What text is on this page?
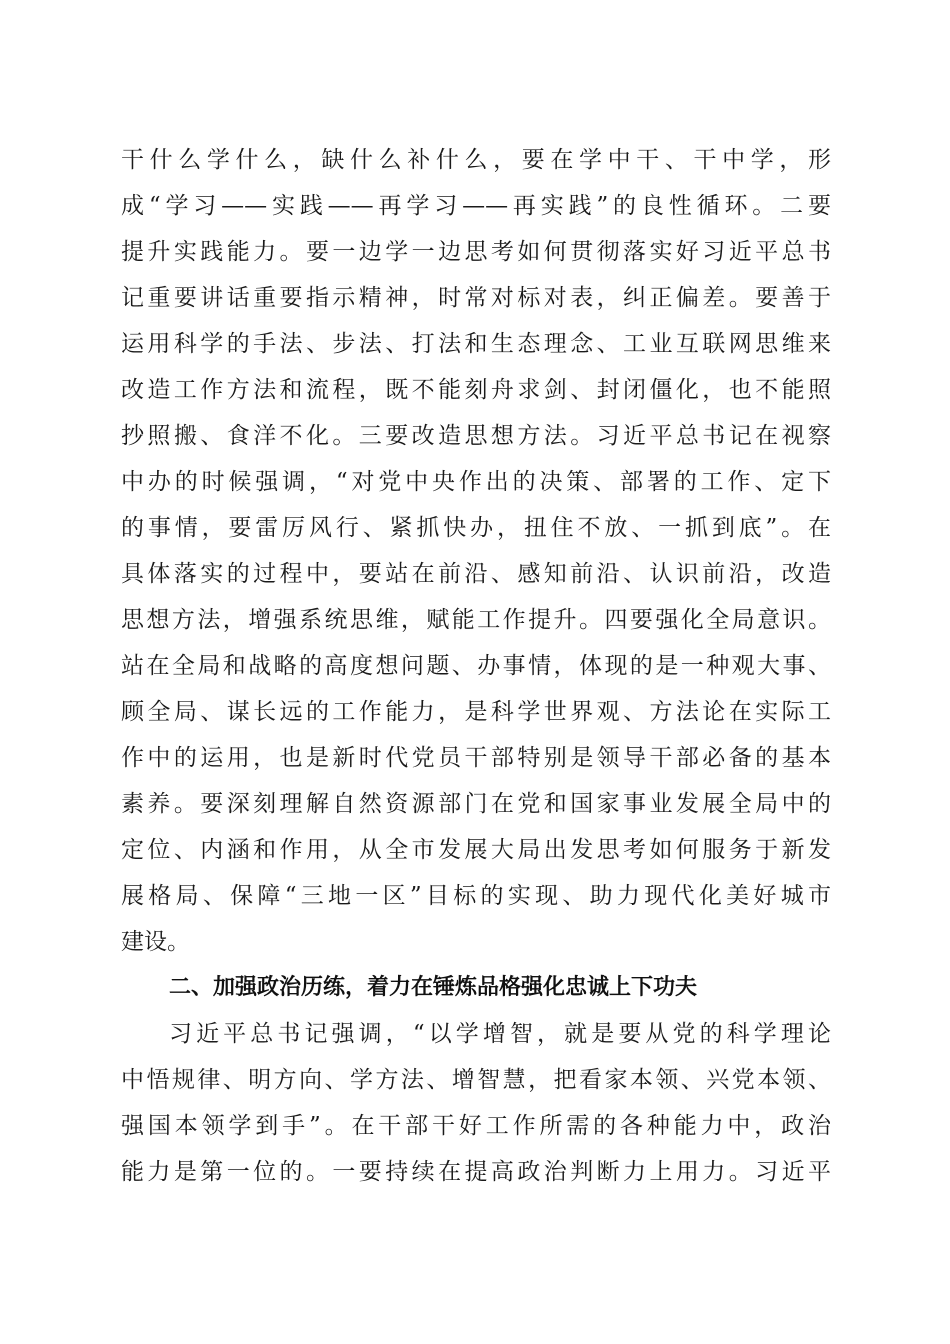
干什么学什么，缺什么补什么，要在学中干、干中学，形
成“学习——实践——再学习——再实践”的良性循环。二要
提升实践能力。要一边学一边思考如何贯彻落实好习近平总书
记重要讲话重要指示精神，时常对标对表，纠正偏差。要善于
运用科学的手法、步法、打法和生态理念、工业互联网思维来
改造工作方法和流程，既不能刻舟求剑、封闭僵化，也不能照
抄照搬、食洋不化。三要改造思想方法。习近平总书记在视察
中办的时候强调，“对党中央作出的决策、部署的工作、定下
的事情，要雷厉风行、紧抓快办，扭住不放、一抓到底”。在
具体落实的过程中，要站在前沿、感知前沿、认识前沿，改造
思想方法，增强系统思维，赋能工作提升。四要强化全局意识。
站在全局和战略的高度想问题、办事情，体现的是一种观大事、
顾全局、谋长远的工作能力，是科学世界观、方法论在实际工
作中的运用，也是新时代党员干部特别是领导干部必备的基本
素养。要深刻理解自然资源部门在党和国家事业发展全局中的
定位、内涵和作用，从全市发展大局出发思考如何服务于新发
展格局、保障“三地一区”目标的实现、助力现代化美好城市
建设。
二、加强政治历练，着力在锤炼品格强化忠诚上下功夫
习近平总书记强调，“以学增智，就是要从党的科学理论
中悟规律、明方向、学方法、增智慧，把看家本领、兴党本领、
强国本领学到手”。在干部干好工作所需的各种能力中，政治
能力是第一位的。一要持续在提高政治判断力上用力。习近平
